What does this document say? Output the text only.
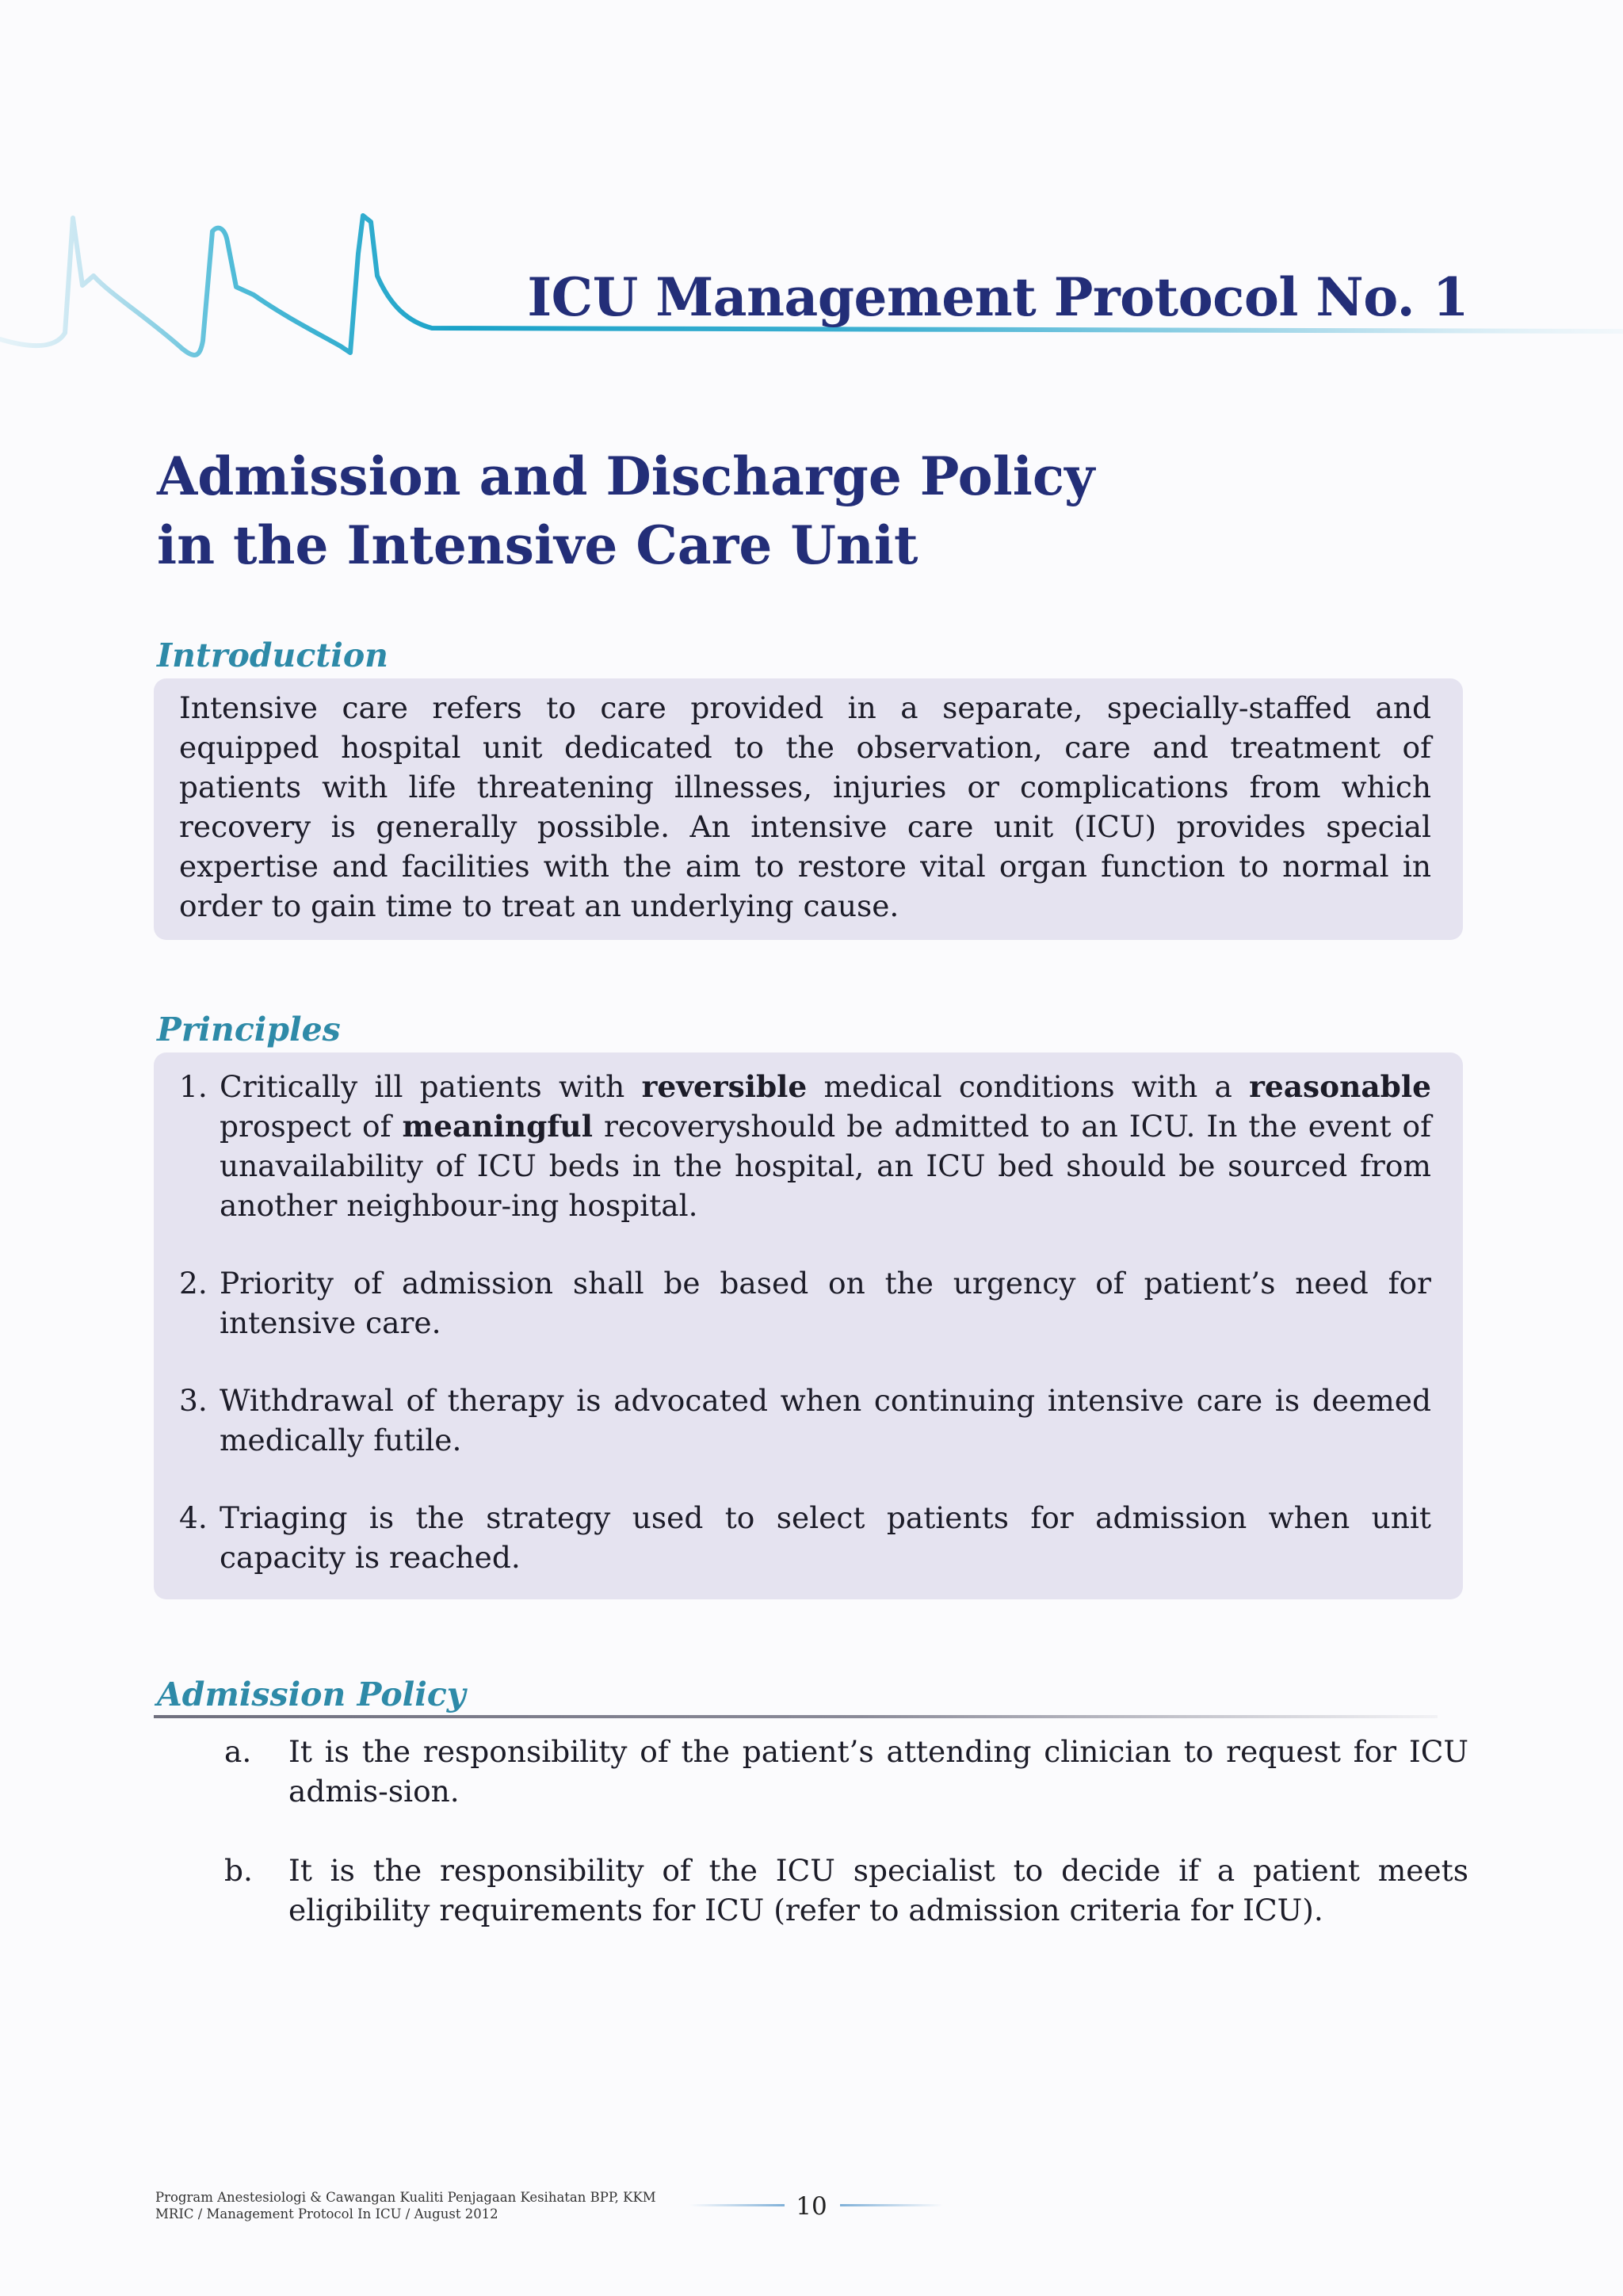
ICU Management Protocol No. 1
Admission and Discharge Policy
in the Intensive Care Unit
Introduction

Intensive care refers to care provided in a separate, specially-staffed and equipped hospital unit dedicated to the observation, care and treatment of patients with life threatening illnesses, injuries or complications from which recovery is generally possible. An intensive care unit (ICU) provides special expertise and facilities with the aim to restore vital organ function to normal in order to gain time to treat an underlying cause.

Principles
1. Critically ill patients with reversible medical conditions with a reasonable prospect of meaningful recoveryshould be admitted to an ICU. In the event of unavailability of ICU beds in the hospital, an ICU bed should be sourced from another neighbour-ing hospital.
2. Priority of admission shall be based on the urgency of patient’s need for intensive care.
3. Withdrawal of therapy is advocated when continuing intensive care is deemed medically futile.
4. Triaging is the strategy used to select patients for admission when unit capacity is reached.
Admission Policy
a. It is the responsibility of the patient’s attending clinician to request for ICU admis-sion.
b. It is the responsibility of the ICU specialist to decide if a patient meets eligibility requirements for ICU (refer to admission criteria for ICU).

Program Anestesiologi & Cawangan Kualiti Penjagaan Kesihatan BPP, KKM
MRIC / Management Protocol In ICU / August 2012	10
